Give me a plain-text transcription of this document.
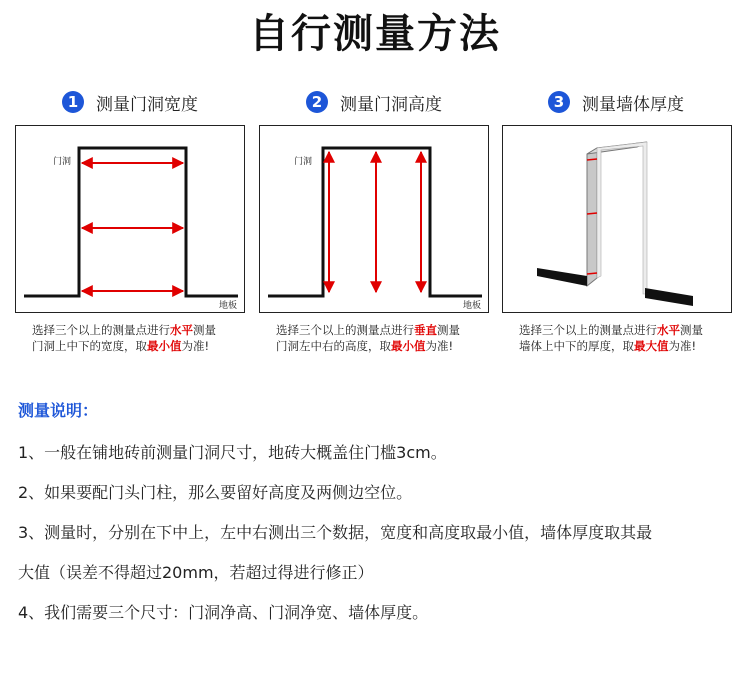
自行测量方法
1	测量门洞宽度	2	测量门洞高度	3	测量墙体厚度
门洞
地板
门洞
地板
选择三个以上的测量点进行水平测量
门洞上中下的宽度，取最小值为准!
选择三个以上的测量点进行垂直测量
门洞左中右的高度，取最小值为准!
选择三个以上的测量点进行水平测量
墙体上中下的厚度，取最大值为准!
测量说明：
1、一般在铺地砖前测量门洞尺寸，地砖大概盖住门槛3cm。
2、如果要配门头门柱，那么要留好高度及两侧边空位。
3、测量时，分别在下中上，左中右测出三个数据，宽度和高度取最小值，墙体厚度取其最
大值（误差不得超过20mm，若超过得进行修正）
4、我们需要三个尺寸：门洞净高、门洞净宽、墙体厚度。
